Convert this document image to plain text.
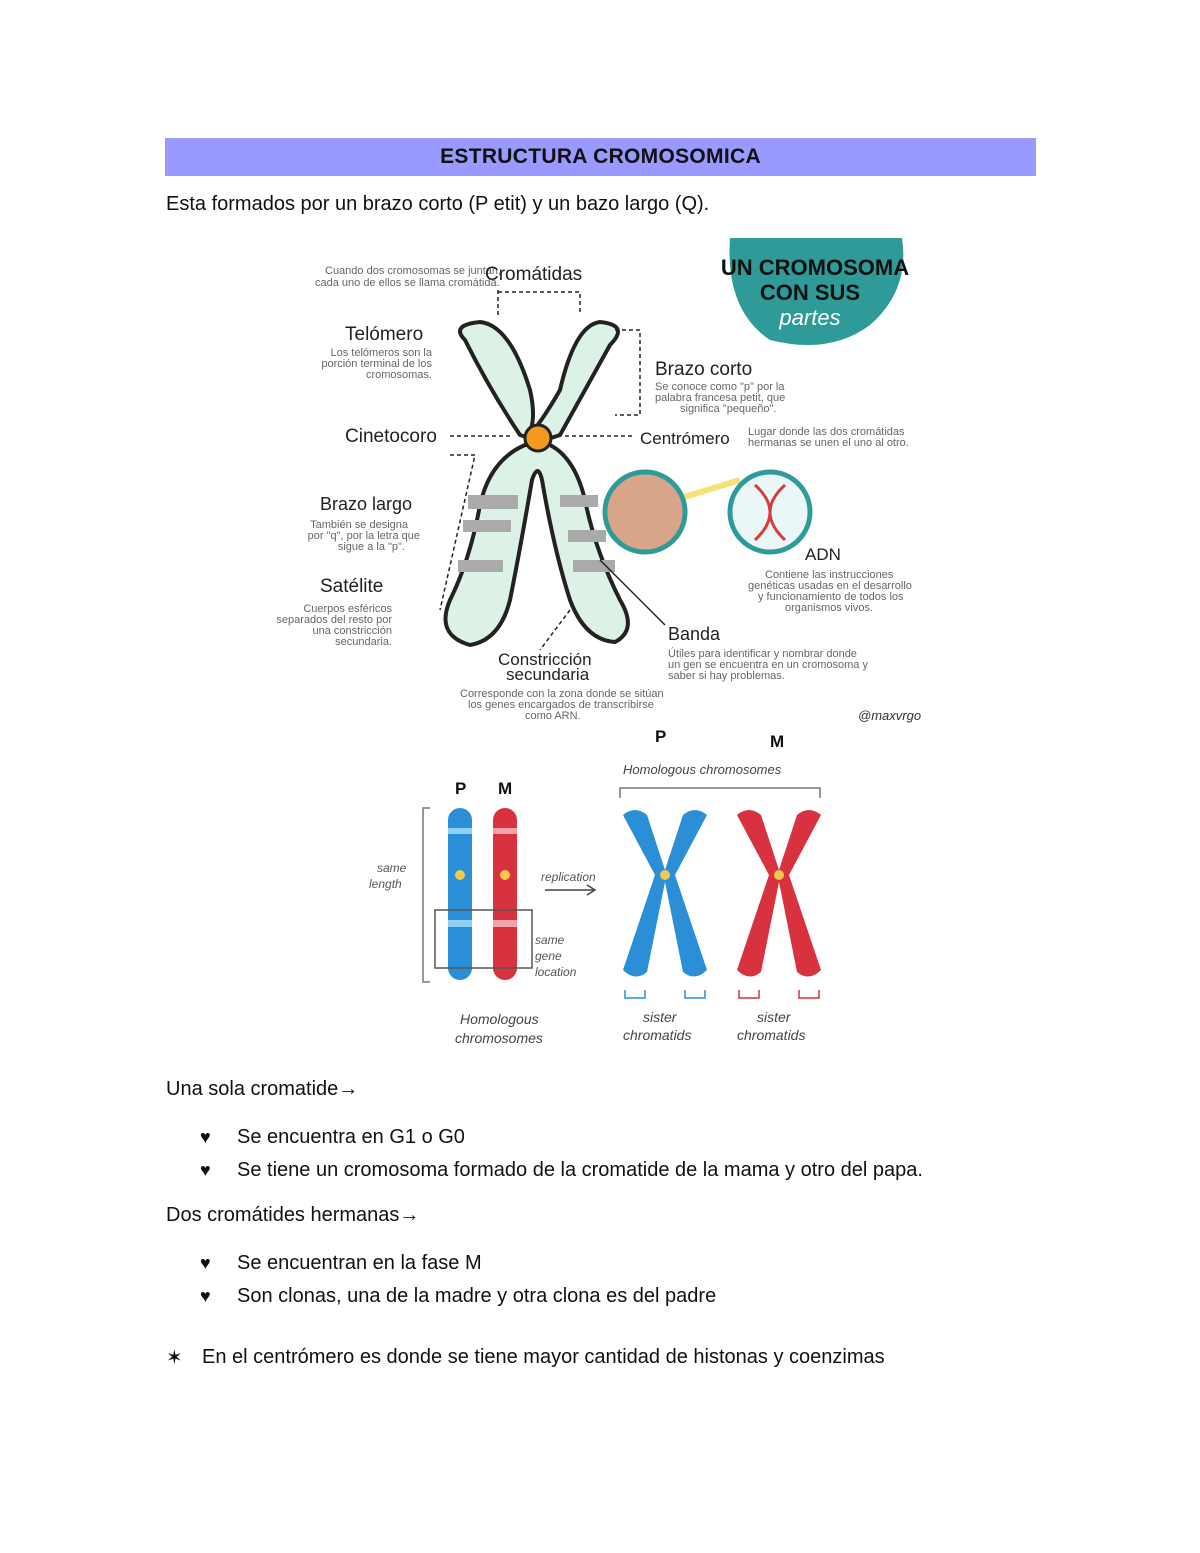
ESTRUCTURA CROMOSOMICA
Esta formados por un brazo corto (P etit) y un bazo largo (Q).
UN CROMOSOMA
CON SUS
partes
Cuando dos cromosomas se juntan,
cada uno de ellos se llama cromátida.
Cromátidas
Telómero
Los telómeros son la
porción terminal de los
cromosomas.	Brazo corto
Se conoce como "p" por la
palabra francesa petit, que
significa "pequeño".
Cinetocoro	Centrómero Lugar donde las dos cromátidas
hermanas se unen el uno al otro.
Brazo largo
También se designa
por "q", por la letra que
sigue a la "p".
Satélite
Cuerpos esféricos
separados del resto por
una constricción
secundaria.
ADN
Contiene las instrucciones
genéticas usadas en el desarrollo
y funcionamiento de todos los
organismos vivos.
Banda
Útiles para identificar y nombrar donde
un gen se encuentra en un cromosoma y
saber si hay problemas.
Constricción
secundaria
Corresponde con la zona donde se sitúan
los genes encargados de transcribirse
como ARN.	@maxvrgo
P	M
P M
Homologous chromosomes
same
length
same
gene
location
replication
Homologous
chromosomes
sister
chromatids
sister
chromatids
Una sola cromatide→
♥	Se encuentra en G1 o G0
♥	Se tiene un cromosoma formado de la cromatide de la mama y otro del papa.
Dos cromátides hermanas→
♥	Se encuentran en la fase M
♥	Son clonas, una de la madre y otra clona es del padre
✶ En el centrómero es donde se tiene mayor cantidad de histonas y coenzimas
